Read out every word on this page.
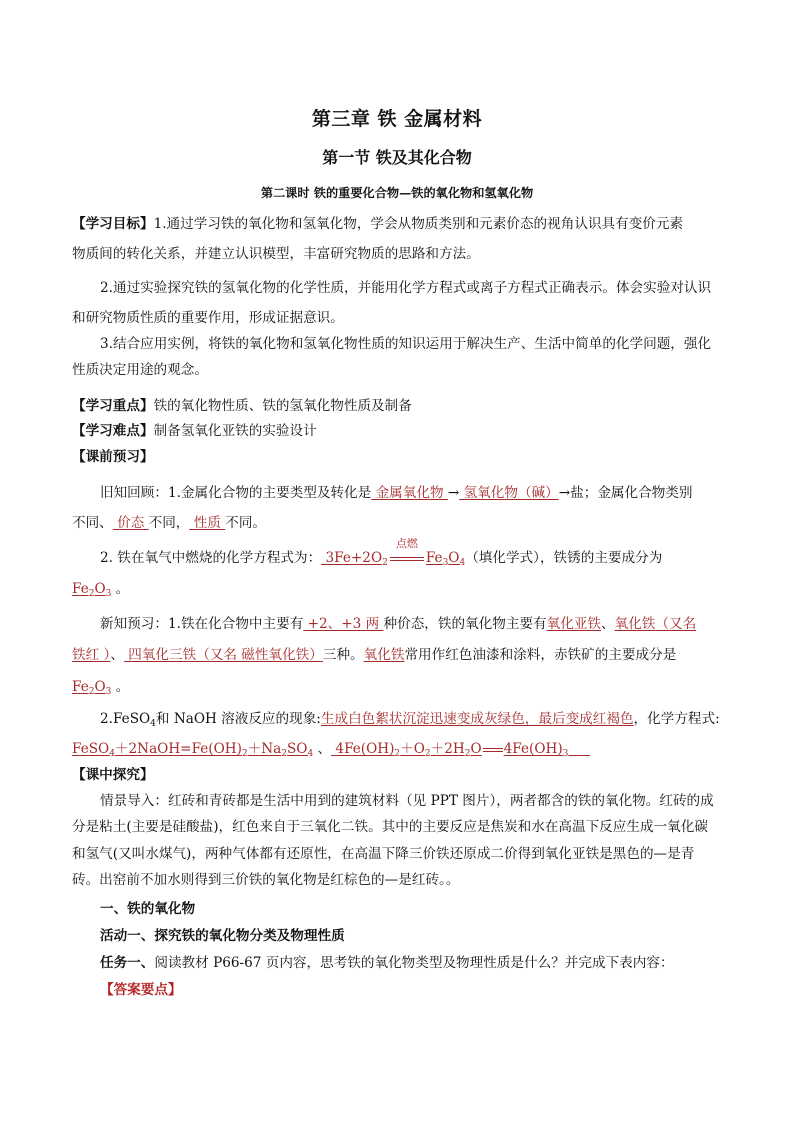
第三章 铁 金属材料

第一节 铁及其化合物

第二课时 铁的重要化合物—铁的氧化物和氢氧化物

【学习目标】1.通过学习铁的氧化物和氢氧化物，学会从物质类别和元素价态的视角认识具有变价元素

物质间的转化关系，并建立认识模型，丰富研究物质的思路和方法。

2.通过实验探究铁的氢氧化物的化学性质，并能用化学方程式或离子方程式正确表示。体会实验对认识

和研究物质性质的重要作用，形成证据意识。

3.结合应用实例，将铁的氧化物和氢氧化物性质的知识运用于解决生产、生活中简单的化学问题，强化

性质决定用途的观念。

【学习重点】铁的氧化物性质、铁的氢氧化物性质及制备

【学习难点】制备氢氧化亚铁的实验设计

【课前预习】

旧知回顾：1.金属化合物的主要类型及转化是 金属氧化物 → 氢氧化物（碱）→盐；金属化合物类别

不同、 价态 不同， 性质 不同。

2. 铁在氧气中燃烧的化学方程式为： $3Fe+2O_2$
点燃
$Fe_3O_4$（填化学式），铁锈的主要成分为

$Fe_2O_3$ 。

新知预习：1.铁在化合物中主要有 +2、+3 两 种价态，铁的氧化物主要有氧化亚铁、氧化铁（又名

铁红 ）、 四氧化三铁（又名 磁性氧化铁）三种。氧化铁常用作红色油漆和涂料，赤铁矿的主要成分是

$Fe_2O_3$ 。

2.FeSO$_4$和 NaOH 溶液反应的现象:生成白色絮状沉淀迅速变成灰绿色，最后变成红褐色，化学方程式:

$FeSO_4+2NaOH=Fe(OH)_2+Na_2SO_4$ 、 $4Fe(OH)_2+O_2+2H_2O$ $4Fe(OH)_3$

【课中探究】

情景导入：红砖和青砖都是生活中用到的建筑材料（见 PPT 图片），两者都含的铁的氧化物。红砖的成

分是粘土(主要是硅酸盐)，红色来自于三氧化二铁。其中的主要反应是焦炭和水在高温下反应生成一氧化碳

和氢气(又叫水煤气)，两种气体都有还原性，在高温下降三价铁还原成二价得到氧化亚铁是黑色的—是青

砖。出窑前不加水则得到三价铁的氧化物是红棕色的—是红砖。。

一、铁的氧化物

活动一、探究铁的氧化物分类及物理性质

任务一、阅读教材 P66-67 页内容，思考铁的氧化物类型及物理性质是什么？并完成下表内容：

【答案要点】
